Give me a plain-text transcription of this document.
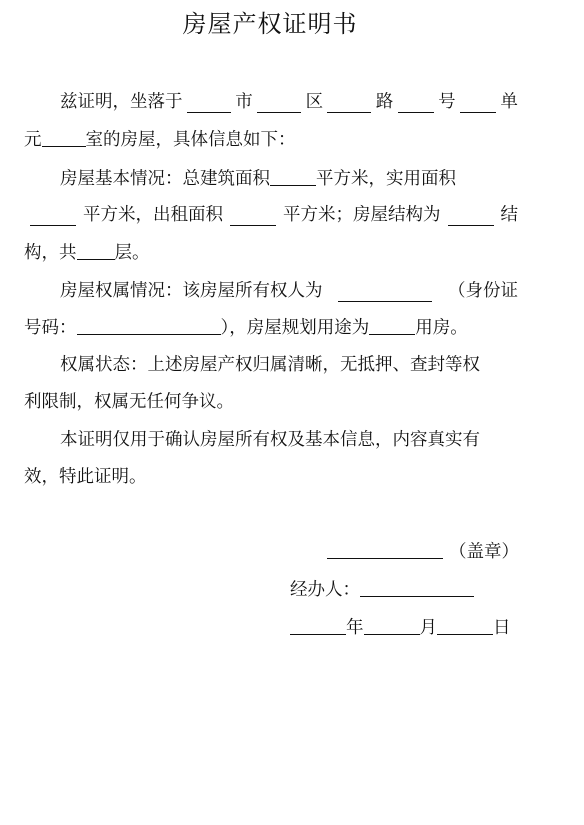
房屋产权证明书
兹证明，坐落于	市	区	路	号	单
元	室的房屋，具体信息如下：
房屋基本情况：总建筑面积	平方米，实用面积
平方米，出租面积	平方米；房屋结构为	结
构，共 层。
房屋权属情况：该房屋所有权人为	（身份证
号码：	），房屋规划用途为	用房。
权属状态：上述房屋产权归属清晰，无抵押、查封等权
利限制，权属无任何争议。
本证明仅用于确认房屋所有权及基本信息，内容真实有
效，特此证明。
（盖章）
经办人：
年	月	日
